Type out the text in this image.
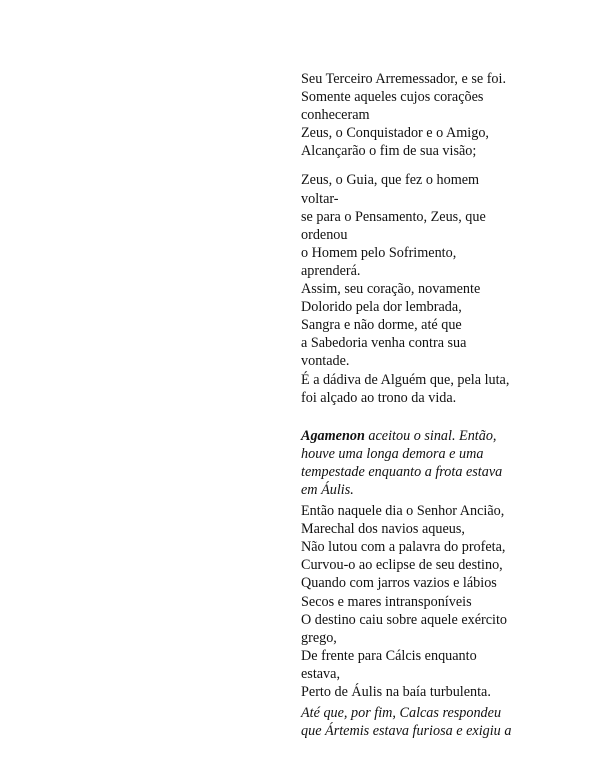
Seu Terceiro Arremessador, e se foi.
Somente aqueles cujos corações
conheceram
Zeus, o Conquistador e o Amigo,
Alcançarão o fim de sua visão;
Zeus, o Guia, que fez o homem
voltar-
se para o Pensamento, Zeus, que
ordenou
o Homem pelo Sofrimento,
aprenderá.
Assim, seu coração, novamente
Dolorido pela dor lembrada,
Sangra e não dorme, até que
a Sabedoria venha contra sua
vontade.
É a dádiva de Alguém que, pela luta,
foi alçado ao trono da vida.
Agamenon aceitou o sinal. Então,
houve uma longa demora e uma
tempestade enquanto a frota estava
em Áulis.
Então naquele dia o Senhor Ancião,
Marechal dos navios aqueus,
Não lutou com a palavra do profeta,
Curvou-o ao eclipse de seu destino,
Quando com jarros vazios e lábios
Secos e mares intransponíveis
O destino caiu sobre aquele exército
grego,
De frente para Cálcis enquanto
estava,
Perto de Áulis na baía turbulenta.
Até que, por fim, Calcas respondeu
que Ártemis estava furiosa e exigiu a
